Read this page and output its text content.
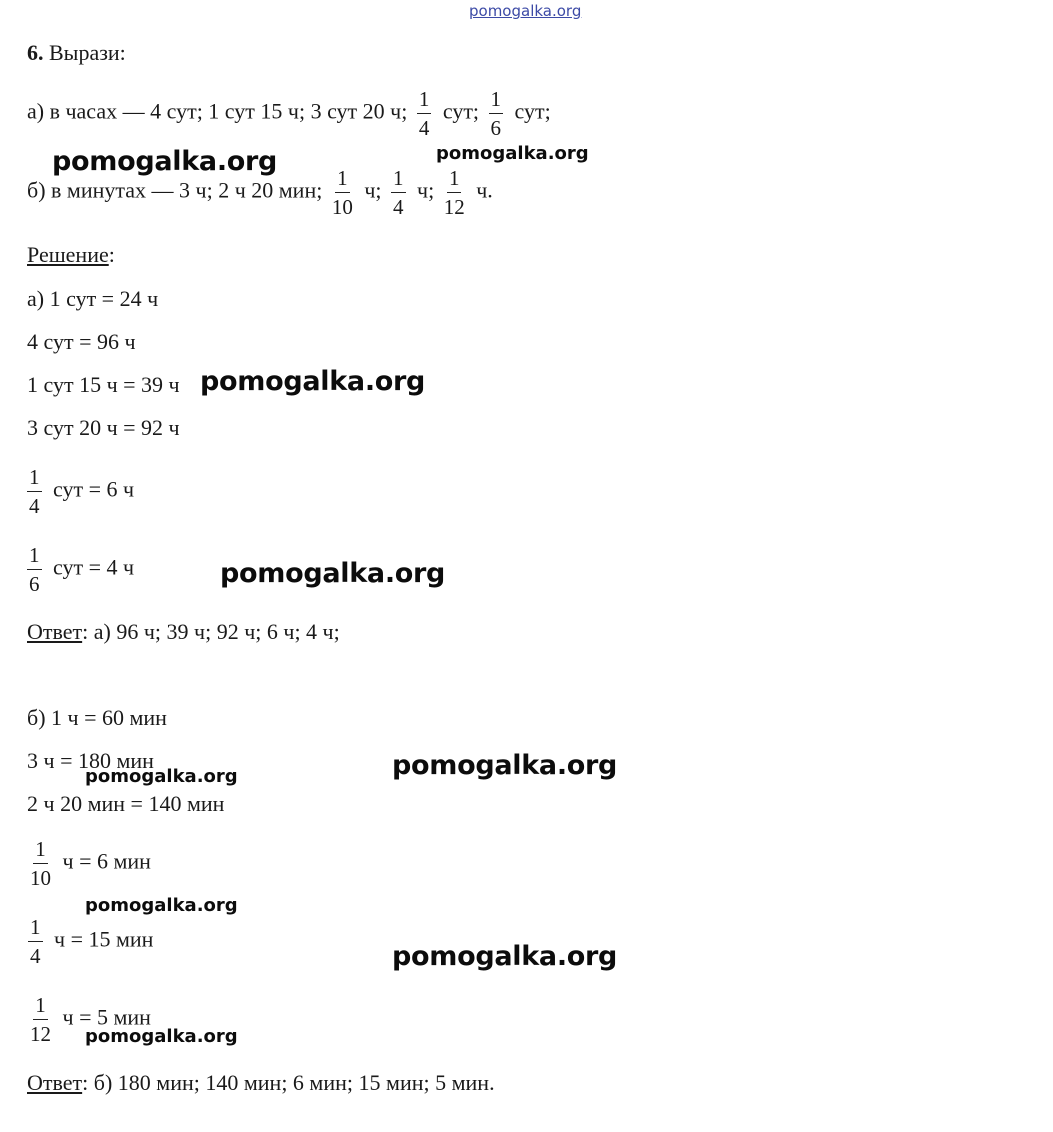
pomogalka.org
6. Вырази:
а) в часах — 4 сут; 1 сут 15 ч; 3 сут 20 ч; $\frac{1}{4}$ сут; $\frac{1}{6}$ сут;
б) в минутах — 3 ч; 2 ч 20 мин; $\frac{1}{10} ч$; $\frac{1}{4} ч$; $\frac{1}{12} ч$.
Решение:
а) 1 сут = 24 ч
4 сут = 96 ч
1 сут 15 ч = 39 ч
3 сут 20 ч = 92 ч
$\frac{1}{4}$ сут = 6 ч
$\frac{1}{6}$ сут = 4 ч
Ответ: а) 96 ч; 39 ч; 92 ч; 6 ч; 4 ч;
б) 1 ч = 60 мин
3 ч = 180 мин
2 ч 20 мин = 140 мин
$\frac{1}{10}$ ч = 6 мин
$\frac{1}{4}$ ч = 15 мин
$\frac{1}{12}$ ч = 5 мин
Ответ: б) 180 мин; 140 мин; 6 мин; 15 мин; 5 мин.
pomogalka.org	pomogalka.org
pomogalka.org
pomogalka.org
pomogalka.org
pomogalka.org
pomogalka.org
pomogalka.org
pomogalka.org
